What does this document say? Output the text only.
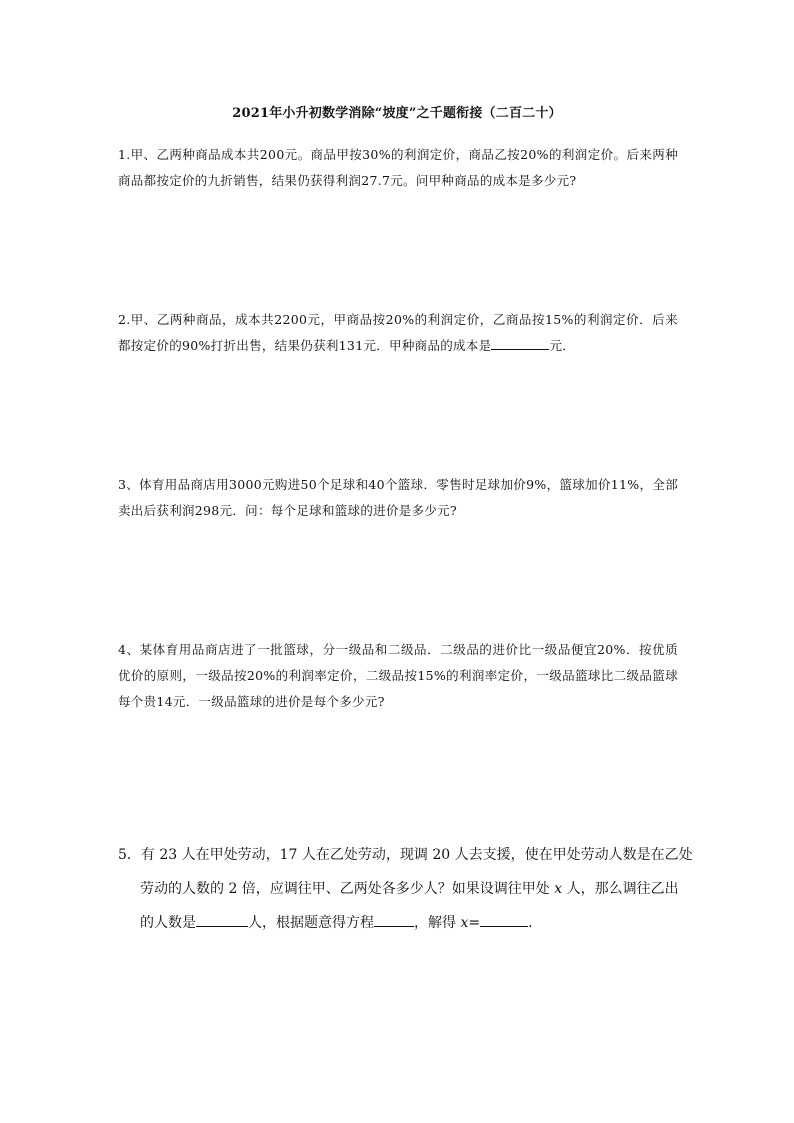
2021年小升初数学消除“坡度”之千题衔接（二百二十）
1.甲、乙两种商品成本共200元。商品甲按30%的利润定价，商品乙按20%的利润定价。后来两种商品都按定价的九折销售，结果仍获得利润27.7元。问甲种商品的成本是多少元?
2.甲、乙两种商品，成本共2200元，甲商品按20%的利润定价，乙商品按15%的利润定价．后来都按定价的90%打折出售，结果仍获利131元．甲种商品的成本是	元．
3、体育用品商店用3000元购进50个足球和40个篮球．零售时足球加价9%，篮球加价11%，全部卖出后获利润298元．问：每个足球和篮球的进价是多少元?
4、某体育用品商店进了一批篮球，分一级品和二级品．二级品的进价比一级品便宜20%．按优质优价的原则，一级品按20%的利润率定价，二级品按15%的利润率定价，一级品篮球比二级品篮球每个贵14元．一级品篮球的进价是每个多少元?
5．有 23 人在甲处劳动，17 人在乙处劳动，现调 20 人去支援，使在甲处劳动人数是在乙处
劳动的人数的 2 倍，应调往甲、乙两处各多少人？如果设调往甲处 x 人，那么调往乙出
的人数是	人，根据题意得方程	，解得 x=	．
